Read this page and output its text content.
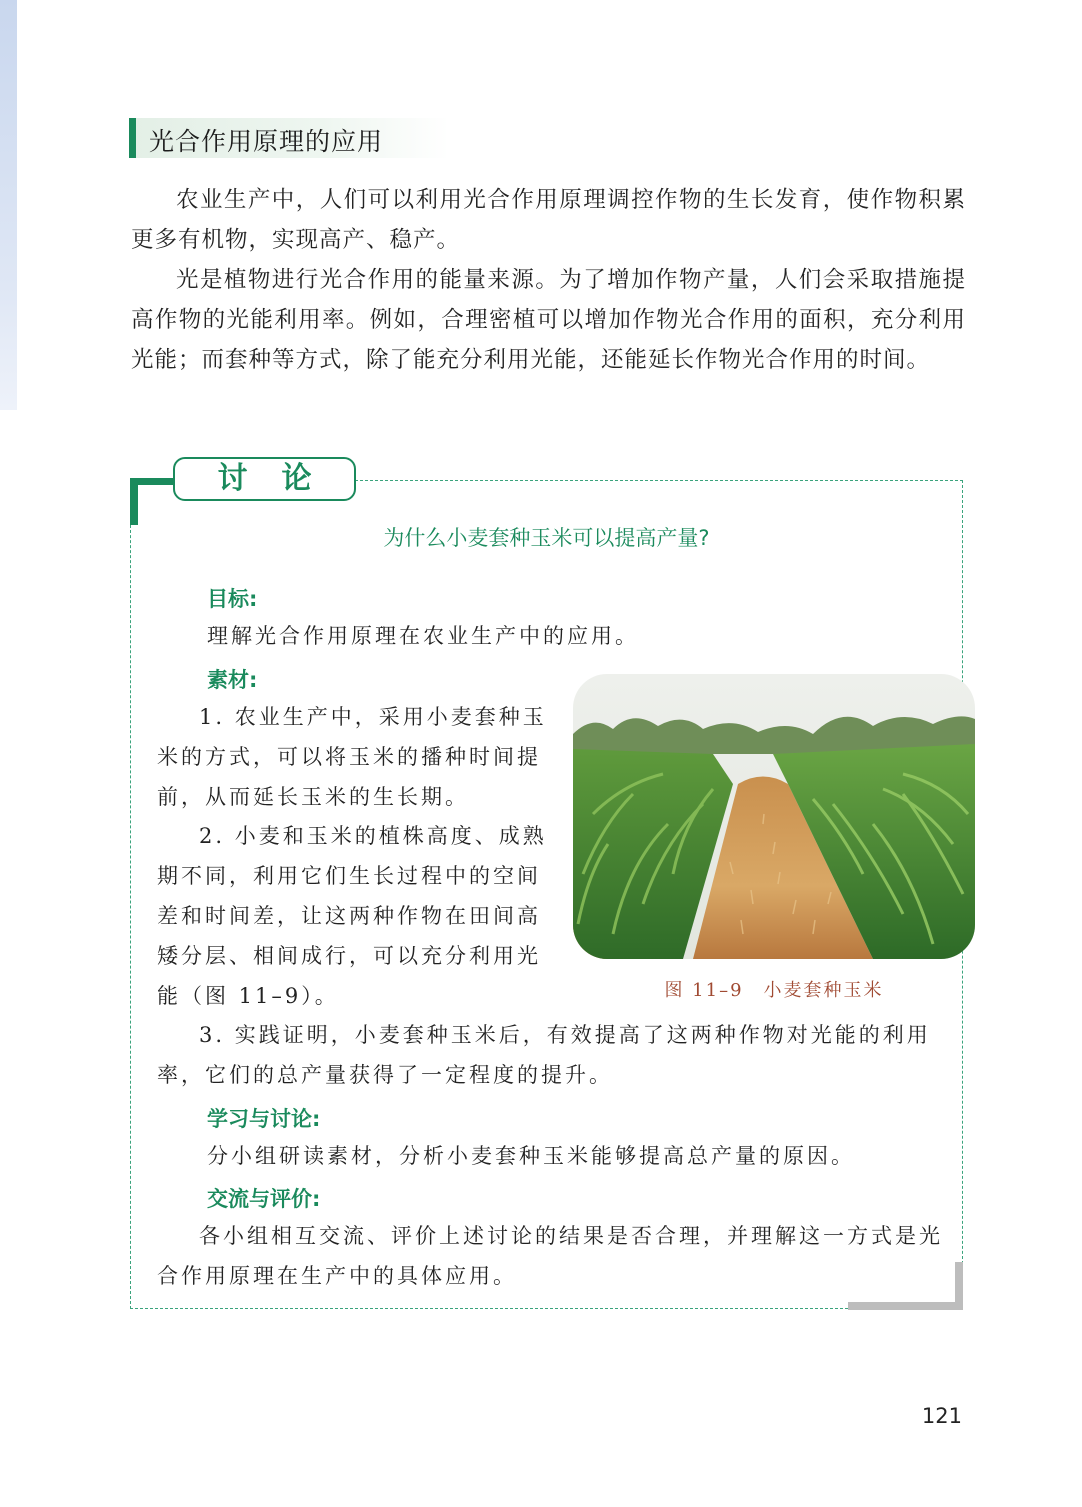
光合作用原理的应用

农业生产中，人们可以利用光合作用原理调控作物的生长发育，使作物积累更多有机物，实现高产、稳产。

光是植物进行光合作用的能量来源。为了增加作物产量，人们会采取措施提高作物的光能利用率。例如，合理密植可以增加作物光合作用的面积，充分利用光能；而套种等方式，除了能充分利用光能，还能延长作物光合作用的时间。

讨论
为什么小麦套种玉米可以提高产量?

目标:

理解光合作用原理在农业生产中的应用。

素材:

1. 农业生产中，采用小麦套种玉米的方式，可以将玉米的播种时间提前，从而延长玉米的生长期。

2. 小麦和玉米的植株高度、成熟期不同，利用它们生长过程中的空间差和时间差，让这两种作物在田间高矮分层、相间成行，可以充分利用光能（图 11–9）。	图 11–9　小麦套种玉米

3. 实践证明，小麦套种玉米后，有效提高了这两种作物对光能的利用率，它们的总产量获得了一定程度的提升。

学习与讨论:

分小组研读素材，分析小麦套种玉米能够提高总产量的原因。

交流与评价:

各小组相互交流、评价上述讨论的结果是否合理，并理解这一方式是光合作用原理在生产中的具体应用。

121
